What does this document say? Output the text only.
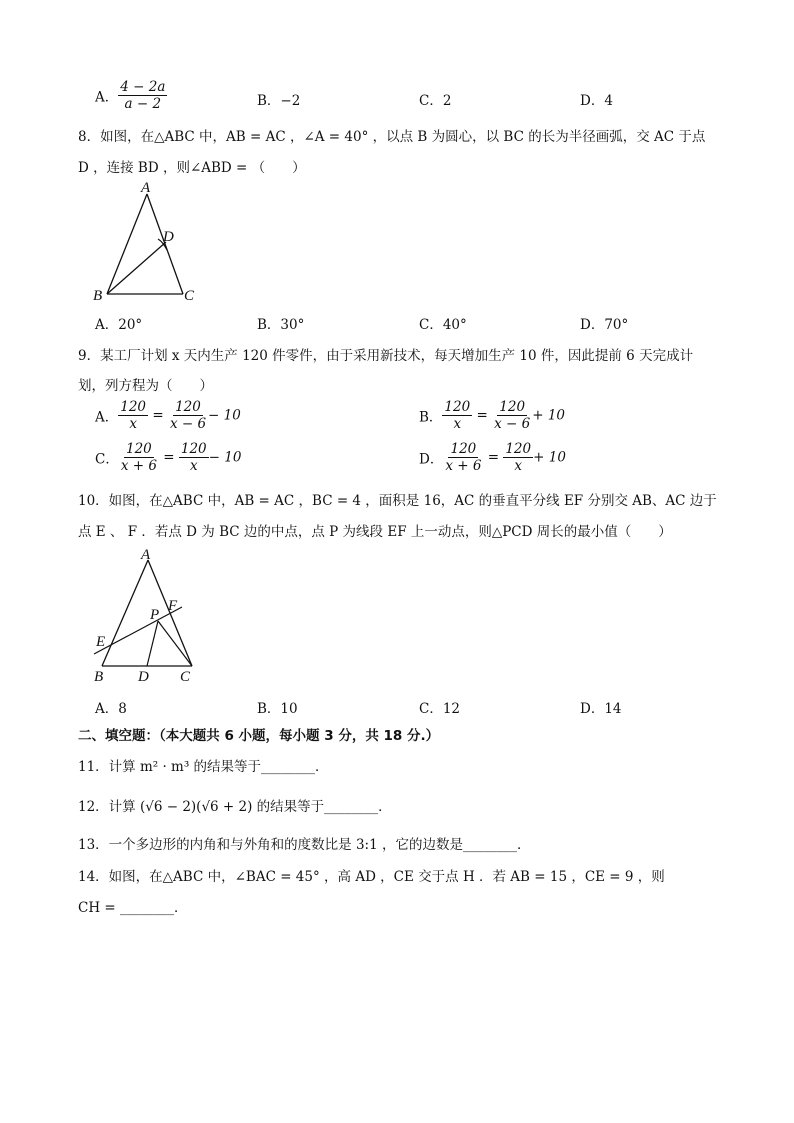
A． $\frac{4 - 2a}{a - 2}$	B．−2	C．2	D．4
8．如图，在△ABC 中，AB = AC ，∠A = 40° ，以点 B 为圆心，以 BC 的长为半径画弧，交 AC 于点
D ，连接 BD ，则∠ABD = （　　）
A
D
B	C
A．20°	B．30°	C．40°	D．70°
9．某工厂计划 x 天内生产 120 件零件，由于采用新技术，每天增加生产 10 件，因此提前 6 天完成计
划，列方程为（　　）
A． $\frac{120}{x} = \frac{120}{x - 6} - 10$	B． $\frac{120}{x} = \frac{120}{x - 6} + 10$
C． $\frac{120}{x + 6} = \frac{120}{x} - 10$	D． $\frac{120}{x + 6} = \frac{120}{x} + 10$
10．如图，在△ABC 中，AB = AC ，BC = 4 ，面积是 16，AC 的垂直平分线 EF 分别交 AB、AC 边于
点 E 、 F ．若点 D 为 BC 边的中点，点 P 为线段 EF 上一动点，则△PCD 周长的最小值（　　）
A
F
P
E
B D C
A．8	B．10	C．12	D．14
二、填空题：（本大题共 6 小题，每小题 3 分，共 18 分.）
11．计算 m² · m³ 的结果等于________．
12．计算 (√6 − 2)(√6 + 2) 的结果等于________．
13．一个多边形的内角和与外角和的度数比是 3:1 ，它的边数是________．
14．如图，在△ABC 中，∠BAC = 45° ，高 AD ，CE 交于点 H ．若 AB = 15 ，CE = 9 ，则
CH = ________．
